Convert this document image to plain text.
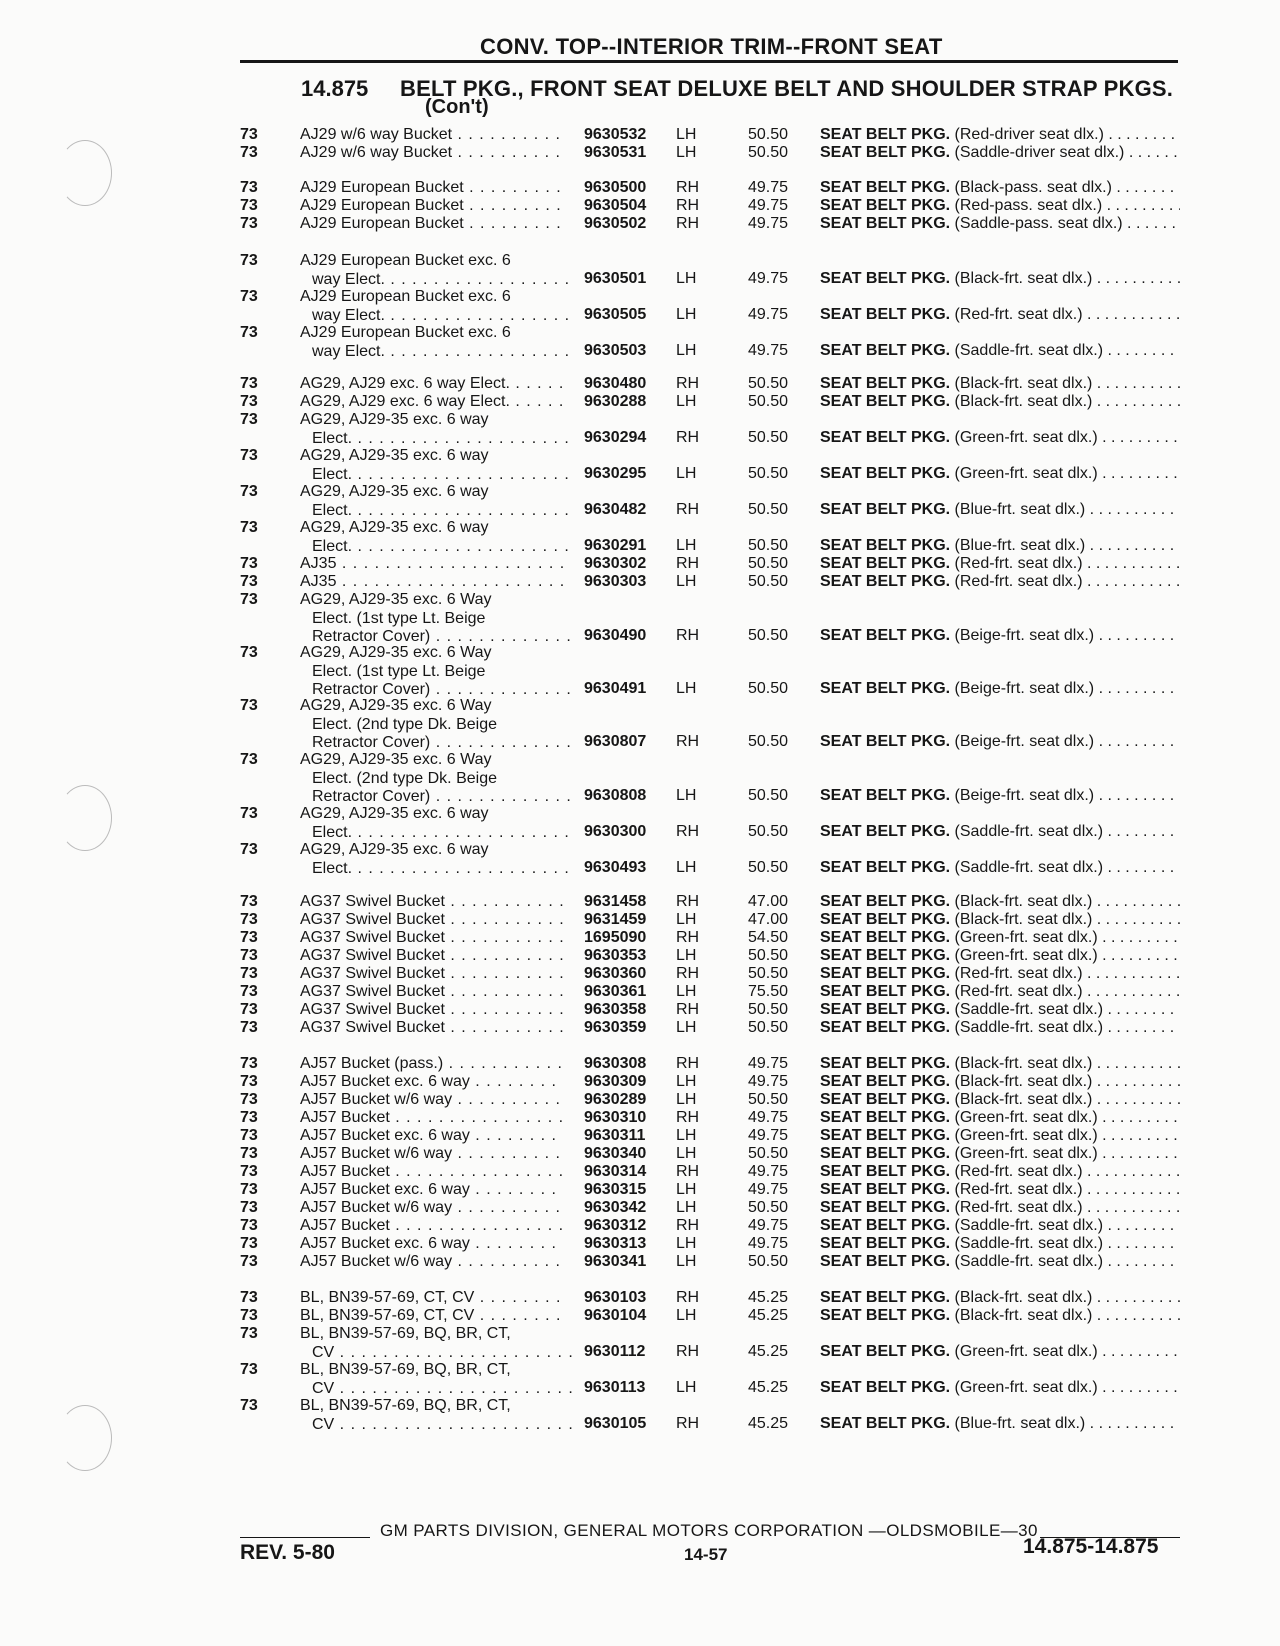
CONV. TOP--INTERIOR TRIM--FRONT SEAT
14.875 BELT PKG., FRONT SEAT DELUXE BELT AND SHOULDER STRAP PKGS.
(Con't)
73	AJ29 w/6 way Bucket . . .	9630532 LH	50.50 SEAT BELT PKG. (Red-driver seat dlx.) . . .
73	AJ29 w/6 way Bucket . . .	9630531 LH	50.50 SEAT BELT PKG. (Saddle-driver seat dlx.) . . .
73	AJ29 European Bucket . . .	9630500 RH	49.75 SEAT BELT PKG. (Black-pass. seat dlx.) . . .
73	AJ29 European Bucket . . .	9630504 RH	49.75 SEAT BELT PKG. (Red-pass. seat dlx.) . . .
73	AJ29 European Bucket . . .	9630502 RH	49.75 SEAT BELT PKG. (Saddle-pass. seat dlx.) . . .
73	AJ29 European Bucket exc. 6
way Elect. . . .	9630501 LH	49.75 SEAT BELT PKG. (Black-frt. seat dlx.) . . .
73	AJ29 European Bucket exc. 6
way Elect. . . .	9630505 LH	49.75 SEAT BELT PKG. (Red-frt. seat dlx.) . . .
73	AJ29 European Bucket exc. 6
way Elect. . . .	9630503 LH	49.75 SEAT BELT PKG. (Saddle-frt. seat dlx.) . . .
73	AG29, AJ29 exc. 6 way Elect. . . .	9630480 RH	50.50 SEAT BELT PKG. (Black-frt. seat dlx.) . . .
73	AG29, AJ29 exc. 6 way Elect. . . .	9630288 LH	50.50 SEAT BELT PKG. (Black-frt. seat dlx.) . . .
73	AG29, AJ29-35 exc. 6 way
Elect. . . .	9630294 RH	50.50 SEAT BELT PKG. (Green-frt. seat dlx.) . . .
73	AG29, AJ29-35 exc. 6 way
Elect. . . .	9630295 LH	50.50 SEAT BELT PKG. (Green-frt. seat dlx.) . . .
73	AG29, AJ29-35 exc. 6 way
Elect. . . .	9630482 RH	50.50 SEAT BELT PKG. (Blue-frt. seat dlx.) . . .
73	AG29, AJ29-35 exc. 6 way
Elect. . . .	9630291 LH	50.50 SEAT BELT PKG. (Blue-frt. seat dlx.) . . .
73	AJ35 . . .	9630302 RH	50.50 SEAT BELT PKG. (Red-frt. seat dlx.) . . .
73	AJ35 . . .	9630303 LH	50.50 SEAT BELT PKG. (Red-frt. seat dlx.) . . .
73	AG29, AJ29-35 exc. 6 Way
Elect. (1st type Lt. Beige
Retractor Cover) . . .	9630490 RH	50.50 SEAT BELT PKG. (Beige-frt. seat dlx.) . . .
73	AG29, AJ29-35 exc. 6 Way
Elect. (1st type Lt. Beige
Retractor Cover) . . .	9630491 LH	50.50 SEAT BELT PKG. (Beige-frt. seat dlx.) . . .
73	AG29, AJ29-35 exc. 6 Way
Elect. (2nd type Dk. Beige
Retractor Cover) . . .	9630807 RH	50.50 SEAT BELT PKG. (Beige-frt. seat dlx.) . . .
73	AG29, AJ29-35 exc. 6 Way
Elect. (2nd type Dk. Beige
Retractor Cover) . . .	9630808 LH	50.50 SEAT BELT PKG. (Beige-frt. seat dlx.) . . .
73	AG29, AJ29-35 exc. 6 way
Elect. . . .	9630300 RH	50.50 SEAT BELT PKG. (Saddle-frt. seat dlx.) . . .
73	AG29, AJ29-35 exc. 6 way
Elect. . . .	9630493 LH	50.50 SEAT BELT PKG. (Saddle-frt. seat dlx.) . . .
73	AG37 Swivel Bucket . . .	9631458 RH	47.00 SEAT BELT PKG. (Black-frt. seat dlx.) . . .
73	AG37 Swivel Bucket . . .	9631459 LH	47.00 SEAT BELT PKG. (Black-frt. seat dlx.) . . .
73	AG37 Swivel Bucket . . .	1695090 RH	54.50 SEAT BELT PKG. (Green-frt. seat dlx.) . . .
73	AG37 Swivel Bucket . . .	9630353 LH	50.50 SEAT BELT PKG. (Green-frt. seat dlx.) . . .
73	AG37 Swivel Bucket . . .	9630360 RH	50.50 SEAT BELT PKG. (Red-frt. seat dlx.) . . .
73	AG37 Swivel Bucket . . .	9630361 LH	75.50 SEAT BELT PKG. (Red-frt. seat dlx.) . . .
73	AG37 Swivel Bucket . . .	9630358 RH	50.50 SEAT BELT PKG. (Saddle-frt. seat dlx.) . . .
73	AG37 Swivel Bucket . . .	9630359 LH	50.50 SEAT BELT PKG. (Saddle-frt. seat dlx.) . . .
73	AJ57 Bucket (pass.) . . .	9630308 RH	49.75 SEAT BELT PKG. (Black-frt. seat dlx.) . . .
73	AJ57 Bucket exc. 6 way . . .	9630309 LH	49.75 SEAT BELT PKG. (Black-frt. seat dlx.) . . .
73	AJ57 Bucket w/6 way . . .	9630289 LH	50.50 SEAT BELT PKG. (Black-frt. seat dlx.) . . .
73	AJ57 Bucket . . .	9630310 RH	49.75 SEAT BELT PKG. (Green-frt. seat dlx.) . . .
73	AJ57 Bucket exc. 6 way . . .	9630311 LH	49.75 SEAT BELT PKG. (Green-frt. seat dlx.) . . .
73	AJ57 Bucket w/6 way . . .	9630340 LH	50.50 SEAT BELT PKG. (Green-frt. seat dlx.) . . .
73	AJ57 Bucket . . .	9630314 RH	49.75 SEAT BELT PKG. (Red-frt. seat dlx.) . . .
73	AJ57 Bucket exc. 6 way . . .	9630315 LH	49.75 SEAT BELT PKG. (Red-frt. seat dlx.) . . .
73	AJ57 Bucket w/6 way . . .	9630342 LH	50.50 SEAT BELT PKG. (Red-frt. seat dlx.) . . .
73	AJ57 Bucket . . .	9630312 RH	49.75 SEAT BELT PKG. (Saddle-frt. seat dlx.) . . .
73	AJ57 Bucket exc. 6 way . . .	9630313 LH	49.75 SEAT BELT PKG. (Saddle-frt. seat dlx.) . . .
73	AJ57 Bucket w/6 way . . .	9630341 LH	50.50 SEAT BELT PKG. (Saddle-frt. seat dlx.) . . .
73	BL, BN39-57-69, CT, CV . . .	9630103 RH	45.25 SEAT BELT PKG. (Black-frt. seat dlx.) . . .
73	BL, BN39-57-69, CT, CV . . .	9630104 LH	45.25 SEAT BELT PKG. (Black-frt. seat dlx.) . . .
73	BL, BN39-57-69, BQ, BR, CT,
CV . . .	9630112 RH	45.25 SEAT BELT PKG. (Green-frt. seat dlx.) . . .
73	BL, BN39-57-69, BQ, BR, CT,
CV . . .	9630113 LH	45.25 SEAT BELT PKG. (Green-frt. seat dlx.) . . .
73	BL, BN39-57-69, BQ, BR, CT,
CV . . .	9630105 RH	45.25 SEAT BELT PKG. (Blue-frt. seat dlx.) . . .
GM PARTS DIVISION, GENERAL MOTORS CORPORATION —OLDSMOBILE—30
REV. 5-80	14-57	14.875-14.875
